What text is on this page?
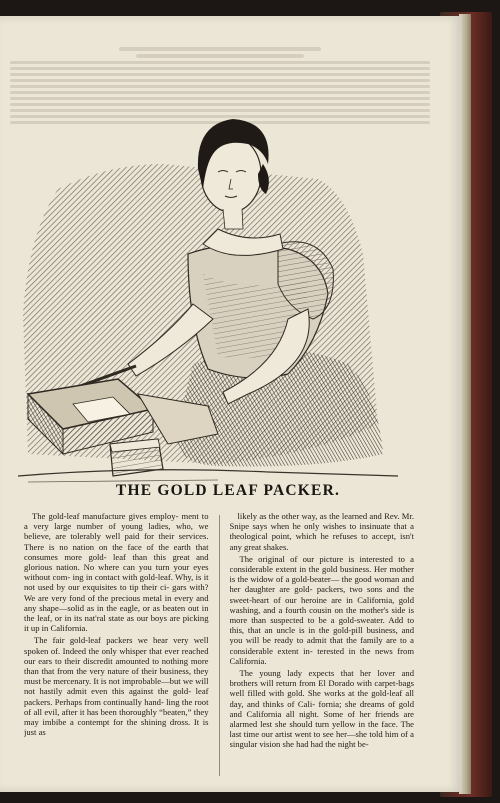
THE GOLD LEAF PACKER.

The gold-leaf manufacture gives employ- ment to a very large number of young ladies, who, we believe, are tolerably well paid for their services. There is no nation on the face of the earth that consumes more gold- leaf than this great and glorious nation. No where can you turn your eyes without com- ing in contact with gold-leaf. Why, is it not used by our exquisites to tip their ci- gars with? We are very fond of the precious metal in every and any shape—solid as in the eagle, or as beaten out in the leaf, or in its nat'ral state as our boys are picking it up in California.

The fair gold-leaf packers we hear very well spoken of. Indeed the only whisper that ever reached our ears to their discredit amounted to nothing more than that from the very nature of their business, they must be mercenary. It is not improbable—but we will not hastily admit even this against the gold- leaf packers. Perhaps from continually hand- ling the root of all evil, after it has been thoroughly “beaten,” they may imbibe a contempt for the shining dross. It is just as

likely as the other way, as the learned and Rev. Mr. Snipe says when he only wishes to insinuate that a theological point, which he refuses to accept, isn't any great shakes.

The original of our picture is interested to a considerable extent in the gold business. Her mother is the widow of a gold-beater— the good woman and her daughter are gold- packers, two sons and the sweet-heart of our heroine are in California, gold washing, and a fourth cousin on the mother's side is more than suspected to be a gold-sweater. Add to this, that an uncle is in the gold-pill business, and you will be ready to admit that the family are to a considerable extent in- terested in the news from California.

The young lady expects that her lover and brothers will return from El Dorado with carpet-bags well filled with gold. She works at the gold-leaf all day, and thinks of Cali- fornia; she dreams of gold and California all night. Some of her friends are alarmed lest she should turn yellow in the face. The last time our artist went to see her—she told him of a singular vision she had had the night be-
